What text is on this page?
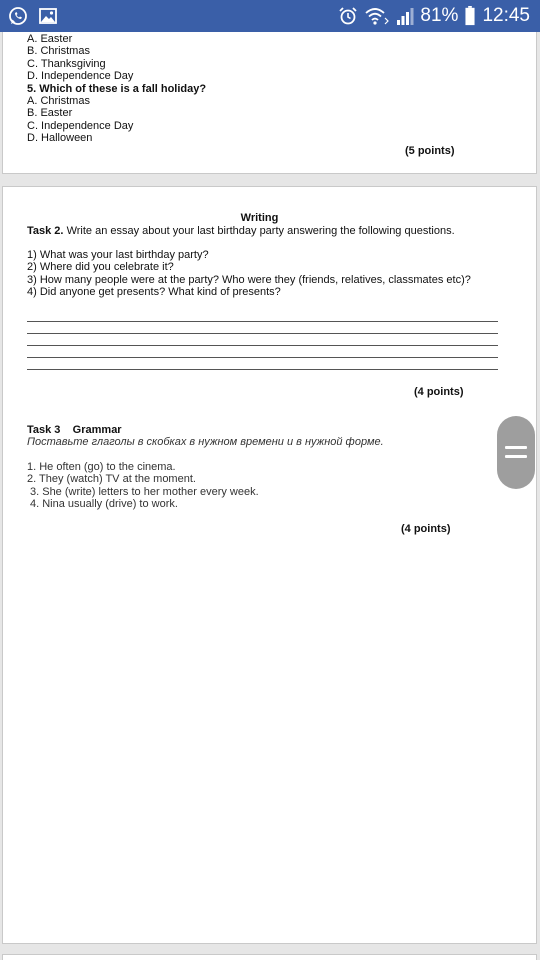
81% 12:45
A. Easter
B. Christmas
C. Thanksgiving
D. Independence Day
5. Which of these is a fall holiday?
A. Christmas
B. Easter
C. Independence Day
D. Halloween
(5 points)
Writing
Task 2. Write an essay about your last birthday party answering the following questions.
1) What was your last birthday party?
2) Where did you celebrate it?
3) How many people were at the party? Who were they (friends, relatives, classmates etc)?
4) Did anyone get presents? What kind of presents?
(4 points)
Task 3 Grammar
Поставьте глаголы в скобках в нужном времени и в нужной форме.
1. He often (go) to the cinema.
2. They (watch) TV at the moment.
3. She (write) letters to her mother every week.
4. Nina usually (drive) to work.
(4 points)
